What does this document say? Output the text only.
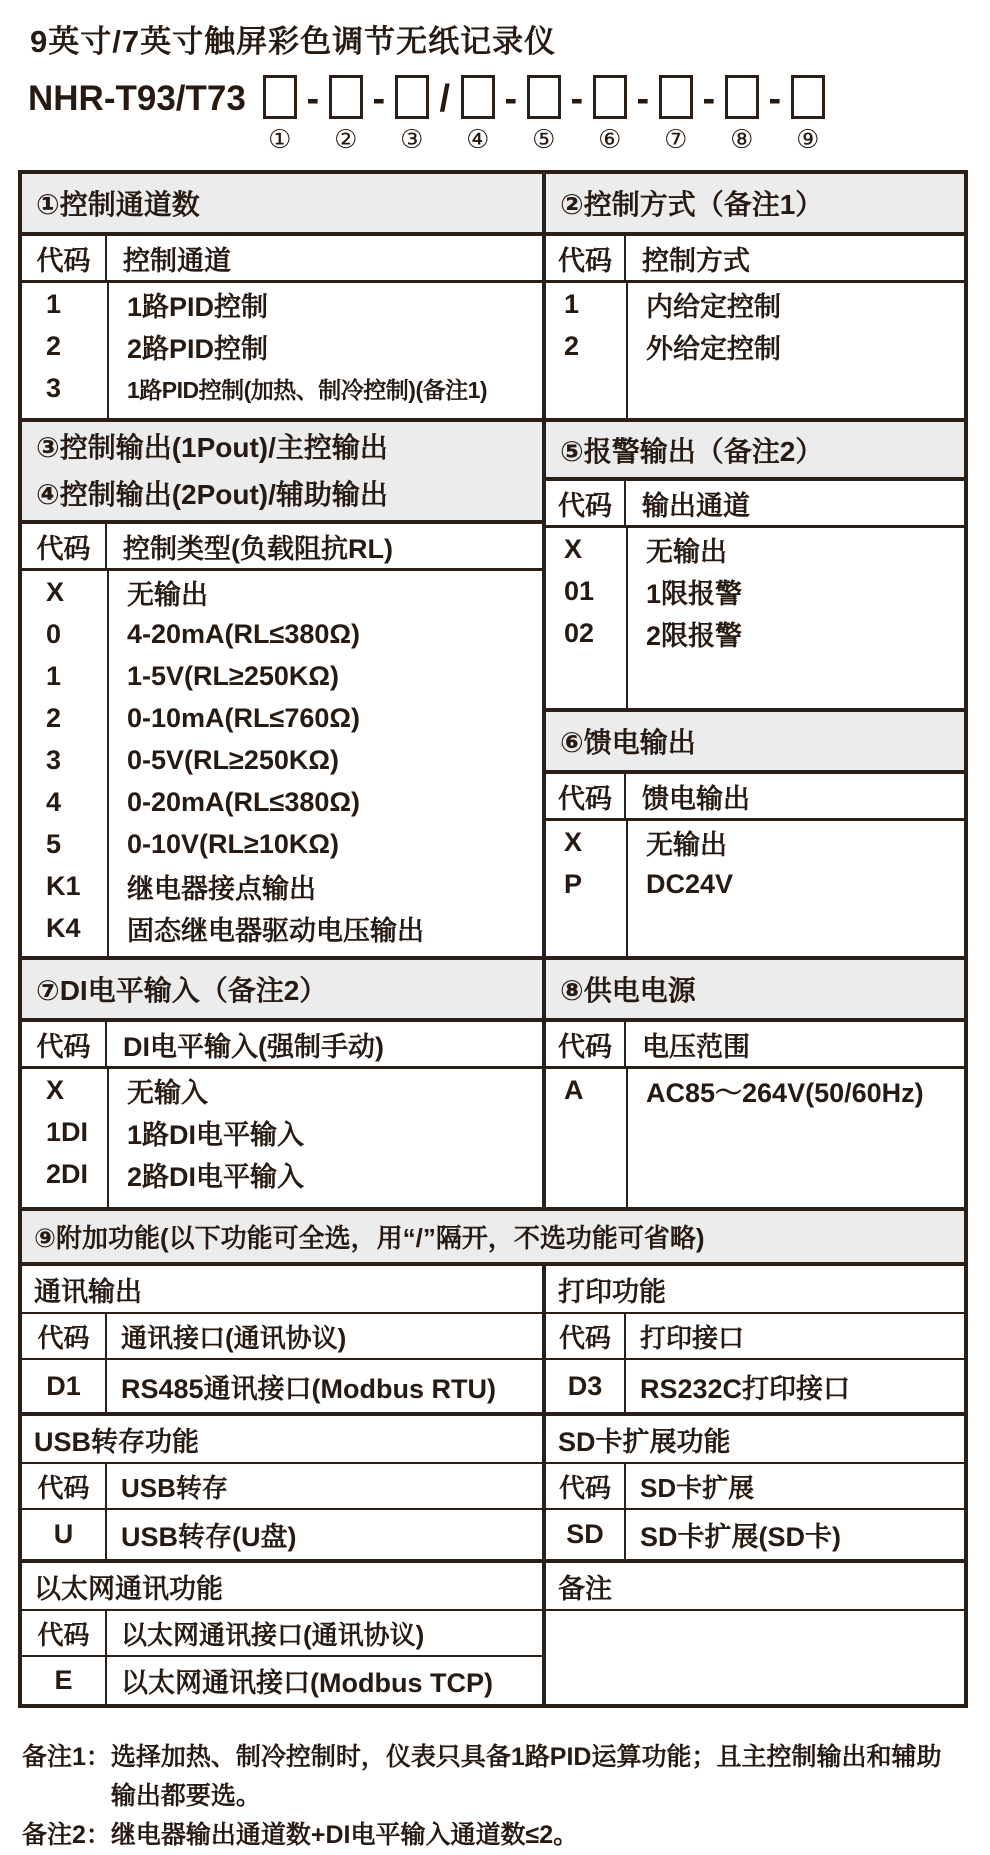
9英寸/7英寸触屏彩色调节无纸记录仪
NHR-T93/T73
①
-
②
-
③
/
④
-
⑤
-
⑥
-
⑦
-
⑧
-
⑨
①控制通道数
代码	控制通道
1	1路PID控制
2	2路PID控制
3	1路PID控制(加热、制冷控制)(备注1)
③控制输出(1Pout)/主控输出
④控制输出(2Pout)/辅助输出
代码	控制类型(负载阻抗RL)
X	无输出
0	4-20mA(RL≤380Ω)
1	1-5V(RL≥250KΩ)
2	0-10mA(RL≤760Ω)
3	0-5V(RL≥250KΩ)
4	0-20mA(RL≤380Ω)
5	0-10V(RL≥10KΩ)
K1	继电器接点输出
K4	固态继电器驱动电压输出
⑦DI电平输入（备注2）
代码	DI电平输入(强制手动)
X	无输入
1DI	1路DI电平输入
2DI	2路DI电平输入
②控制方式（备注1）
代码	控制方式
1	内给定控制
2	外给定控制
⑤报警输出（备注2）
代码	输出通道
X	无输出
01	1限报警
02	2限报警
⑥馈电输出
代码	馈电输出
X	无输出
P	DC24V
⑧供电电源
代码	电压范围
A	AC85～264V(50/60Hz)
⑨附加功能(以下功能可全选，用“/”隔开，不选功能可省略)
通讯输出
代码	通讯接口(通讯协议)
D1	RS485通讯接口(Modbus RTU)
USB转存功能
代码	USB转存
U	USB转存(U盘)
以太网通讯功能
代码	以太网通讯接口(通讯协议)
E	以太网通讯接口(Modbus TCP)
打印功能
代码	打印接口
D3	RS232C打印接口
SD卡扩展功能
代码	SD卡扩展
SD	SD卡扩展(SD卡)
备注
备注1： 选择加热、制冷控制时，仪表只具备1路PID运算功能；且主控制输出和辅助输出都要选。
备注2： 继电器输出通道数+DI电平输入通道数≤2。
